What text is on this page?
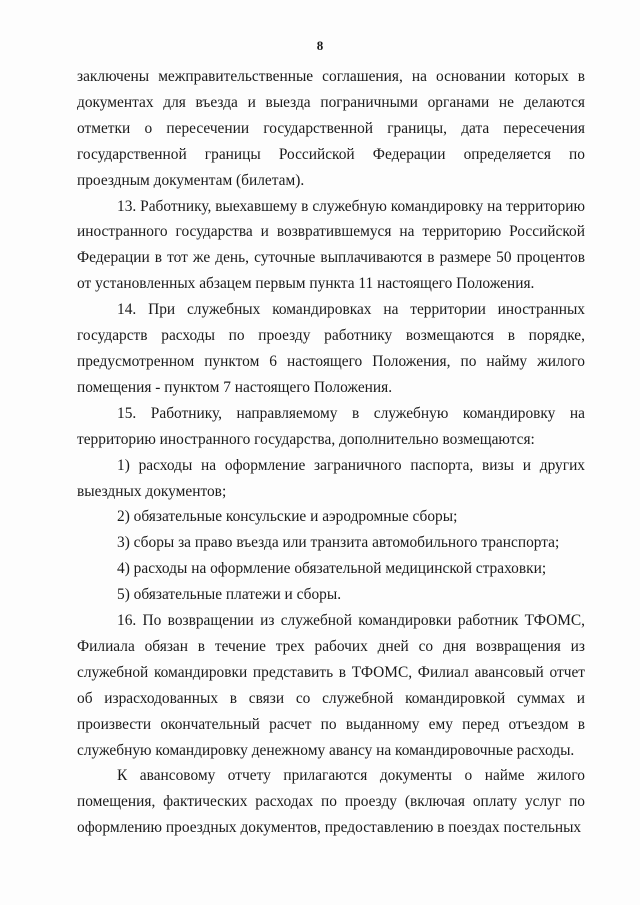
8

заключены межправительственные соглашения, на основании которых в документах для въезда и выезда пограничными органами не делаются отметки о пересечении государственной границы, дата пересечения государственной границы Российской Федерации определяется по проездным документам (билетам).

13. Работнику, выехавшему в служебную командировку на территорию иностранного государства и возвратившемуся на территорию Российской Федерации в тот же день, суточные выплачиваются в размере 50 процентов от установленных абзацем первым пункта 11 настоящего Положения.

14. При служебных командировках на территории иностранных государств расходы по проезду работнику возмещаются в порядке, предусмотренном пунктом 6 настоящего Положения, по найму жилого помещения - пунктом 7 настоящего Положения.

15. Работнику, направляемому в служебную командировку на территорию иностранного государства, дополнительно возмещаются:

1) расходы на оформление заграничного паспорта, визы и других выездных документов;

2) обязательные консульские и аэродромные сборы;

3) сборы за право въезда или транзита автомобильного транспорта;

4) расходы на оформление обязательной медицинской страховки;

5) обязательные платежи и сборы.

16. По возвращении из служебной командировки работник ТФОМС, Филиала обязан в течение трех рабочих дней со дня возвращения из служебной командировки представить в ТФОМС, Филиал авансовый отчет об израсходованных в связи со служебной командировкой суммах и произвести окончательный расчет по выданному ему перед отъездом в служебную командировку денежному авансу на командировочные расходы.

К авансовому отчету прилагаются документы о найме жилого помещения, фактических расходах по проезду (включая оплату услуг по оформлению проездных документов, предоставлению в поездах постельных
